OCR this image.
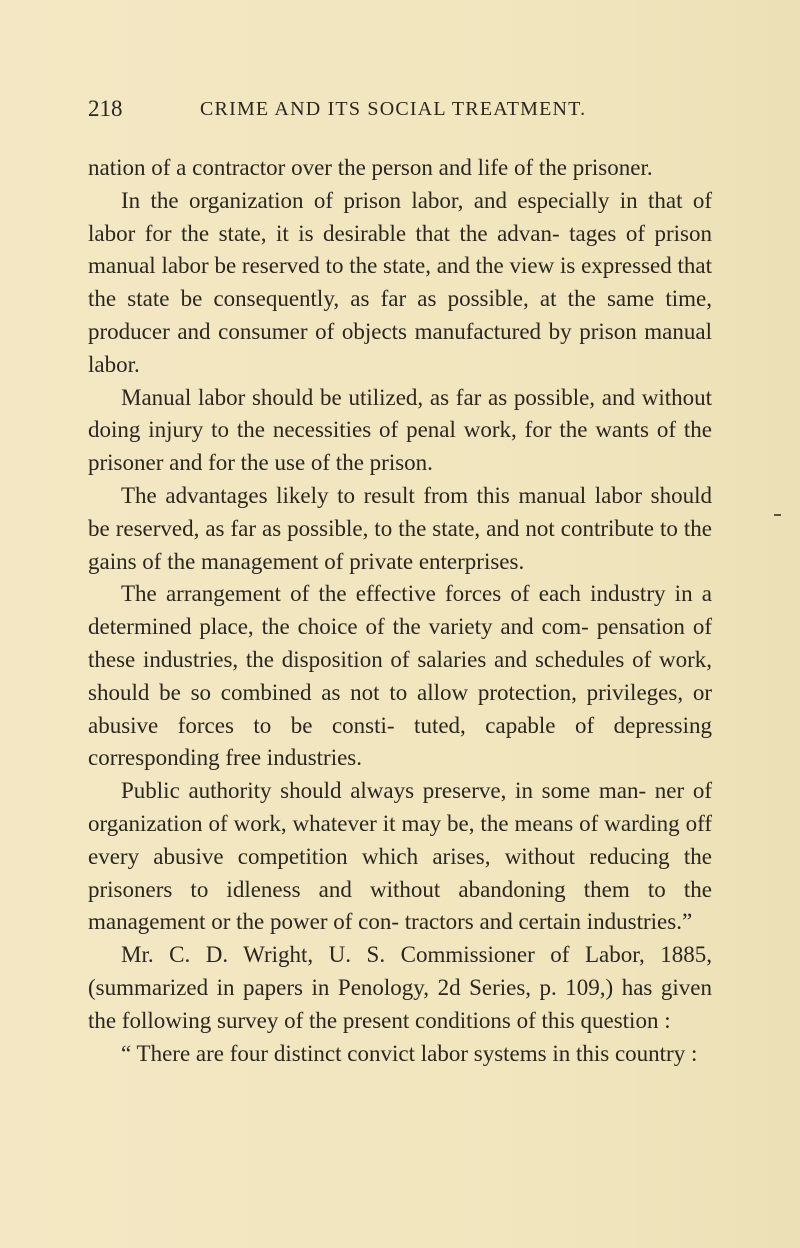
218	CRIME AND ITS SOCIAL TREATMENT.

nation of a contractor over the person and life of the prisoner.

In the organization of prison labor, and especially in that of labor for the state, it is desirable that the advan- tages of prison manual labor be reserved to the state, and the view is expressed that the state be consequently, as far as possible, at the same time, producer and consumer of objects manufactured by prison manual labor.

Manual labor should be utilized, as far as possible, and without doing injury to the necessities of penal work, for the wants of the prisoner and for the use of the prison.

The advantages likely to result from this manual labor should be reserved, as far as possible, to the state, and not contribute to the gains of the management of private enterprises.

The arrangement of the effective forces of each industry in a determined place, the choice of the variety and com- pensation of these industries, the disposition of salaries and schedules of work, should be so combined as not to allow protection, privileges, or abusive forces to be consti- tuted, capable of depressing corresponding free industries.

Public authority should always preserve, in some man- ner of organization of work, whatever it may be, the means of warding off every abusive competition which arises, without reducing the prisoners to idleness and without abandoning them to the management or the power of con- tractors and certain industries.”

Mr. C. D. Wright, U. S. Commissioner of Labor, 1885, (summarized in papers in Penology, 2d Series, p. 109,) has given the following survey of the present conditions of this question :

“ There are four distinct convict labor systems in this country :
